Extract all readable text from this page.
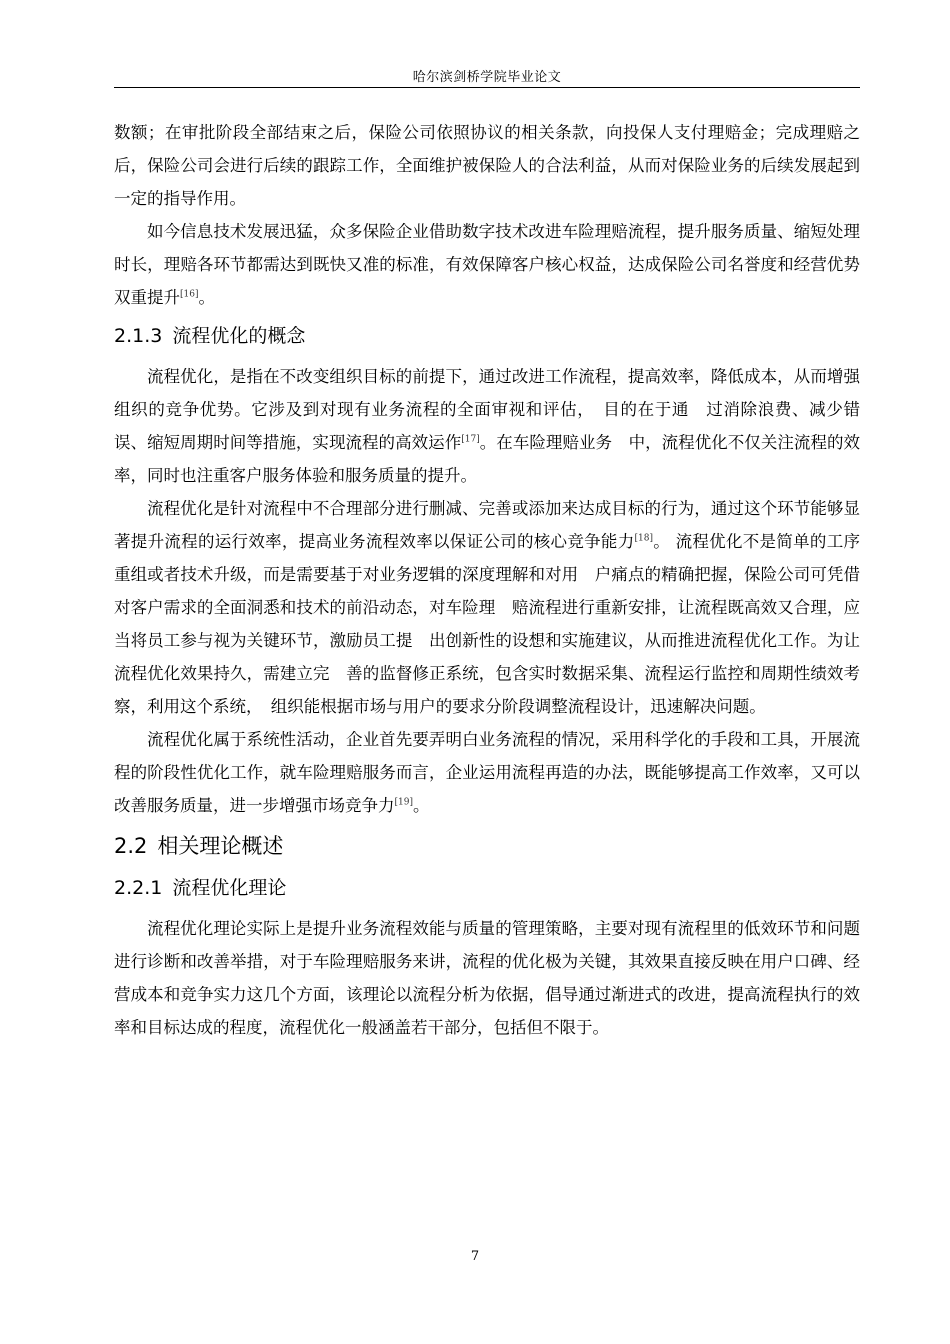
哈尔滨剑桥学院毕业论文

数额；在审批阶段全部结束之后，保险公司依照协议的相关条款，向投保人支付理赔金；完成理赔之后，保险公司会进行后续的跟踪工作，全面维护被保险人的合法利益，从而对保险业务的后续发展起到一定的指导作用。

如今信息技术发展迅猛，众多保险企业借助数字技术改进车险理赔流程，提升服务质量、缩短处理时长，理赔各环节都需达到既快又准的标准，有效保障客户核心权益，达成保险公司名誉度和经营优势双重提升[16]。

2.1.3 流程优化的概念

流程优化，是指在不改变组织目标的前提下，通过改进工作流程，提高效率，降低成本，从而增强组织的竞争优势。它涉及到对现有业务流程的全面审视和评估，　目的在于通　过消除浪费、减少错误、缩短周期时间等措施，实现流程的高效运作[17]。在车险理赔业务　中，流程优化不仅关注流程的效率，同时也注重客户服务体验和服务质量的提升。

流程优化是针对流程中不合理部分进行删减、完善或添加来达成目标的行为，通过这个环节能够显著提升流程的运行效率，提高业务流程效率以保证公司的核心竞争能力[18]。 流程优化不是简单的工序重组或者技术升级，而是需要基于对业务逻辑的深度理解和对用　户痛点的精确把握，保险公司可凭借对客户需求的全面洞悉和技术的前沿动态，对车险理　赔流程进行重新安排，让流程既高效又合理，应当将员工参与视为关键环节，激励员工提　出创新性的设想和实施建议，从而推进流程优化工作。为让流程优化效果持久，需建立完　善的监督修正系统，包含实时数据采集、流程运行监控和周期性绩效考察，利用这个系统，　组织能根据市场与用户的要求分阶段调整流程设计，迅速解决问题。

流程优化属于系统性活动，企业首先要弄明白业务流程的情况，采用科学化的手段和工具，开展流程的阶段性优化工作，就车险理赔服务而言，企业运用流程再造的办法，既能够提高工作效率，又可以改善服务质量，进一步增强市场竞争力[19]。

2.2 相关理论概述
2.2.1 流程优化理论

流程优化理论实际上是提升业务流程效能与质量的管理策略，主要对现有流程里的低效环节和问题进行诊断和改善举措，对于车险理赔服务来讲，流程的优化极为关键，其效果直接反映在用户口碑、经营成本和竞争实力这几个方面，该理论以流程分析为依据，倡导通过渐进式的改进，提高流程执行的效率和目标达成的程度，流程优化一般涵盖若干部分，包括但不限于。

7
